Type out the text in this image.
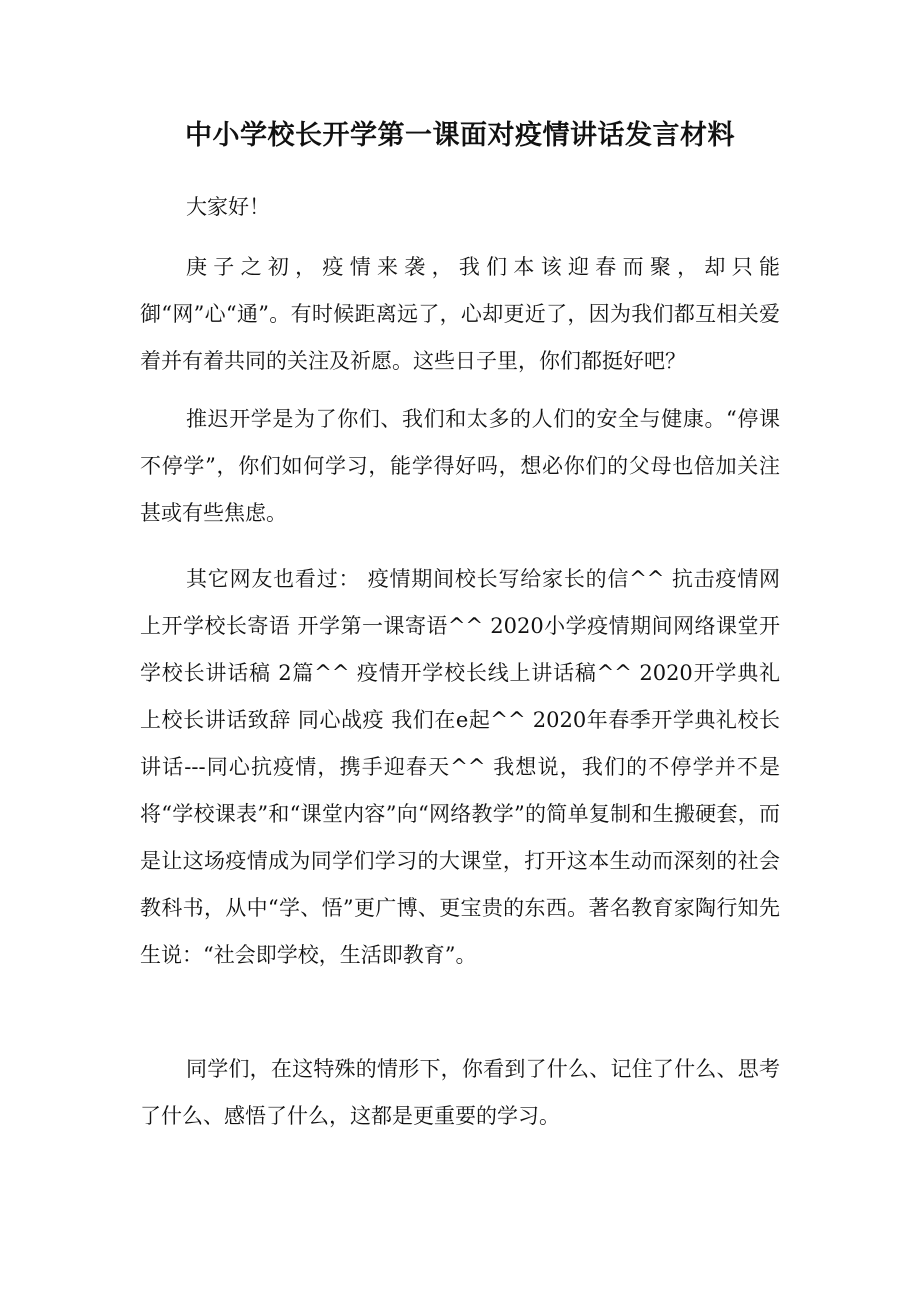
中小学校长开学第一课面对疫情讲话发言材料

大家好！

庚子之初，疫情来袭，我们本该迎春而聚，却只能御“网”心“通”。有时候距离远了，心却更近了，因为我们都互相关爱着并有着共同的关注及祈愿。这些日子里，你们都挺好吧？

推迟开学是为了你们、我们和太多的人们的安全与健康。“停课不停学”，你们如何学习，能学得好吗，想必你们的父母也倍加关注甚或有些焦虑。

其它网友也看过： 疫情期间校长写给家长的信^^ 抗击疫情网上开学校长寄语 开学第一课寄语^^ 2020小学疫情期间网络课堂开学校长讲话稿 2篇^^ 疫情开学校长线上讲话稿^^ 2020开学典礼上校长讲话致辞 同心战疫 我们在e起^^ 2020年春季开学典礼校长讲话---同心抗疫情，携手迎春天^^ 我想说，我们的不停学并不是将“学校课表”和“课堂内容”向“网络教学”的简单复制和生搬硬套，而是让这场疫情成为同学们学习的大课堂，打开这本生动而深刻的社会教科书，从中“学、悟”更广博、更宝贵的东西。著名教育家陶行知先生说：“社会即学校，生活即教育”。

同学们，在这特殊的情形下，你看到了什么、记住了什么、思考了什么、感悟了什么，这都是更重要的学习。
